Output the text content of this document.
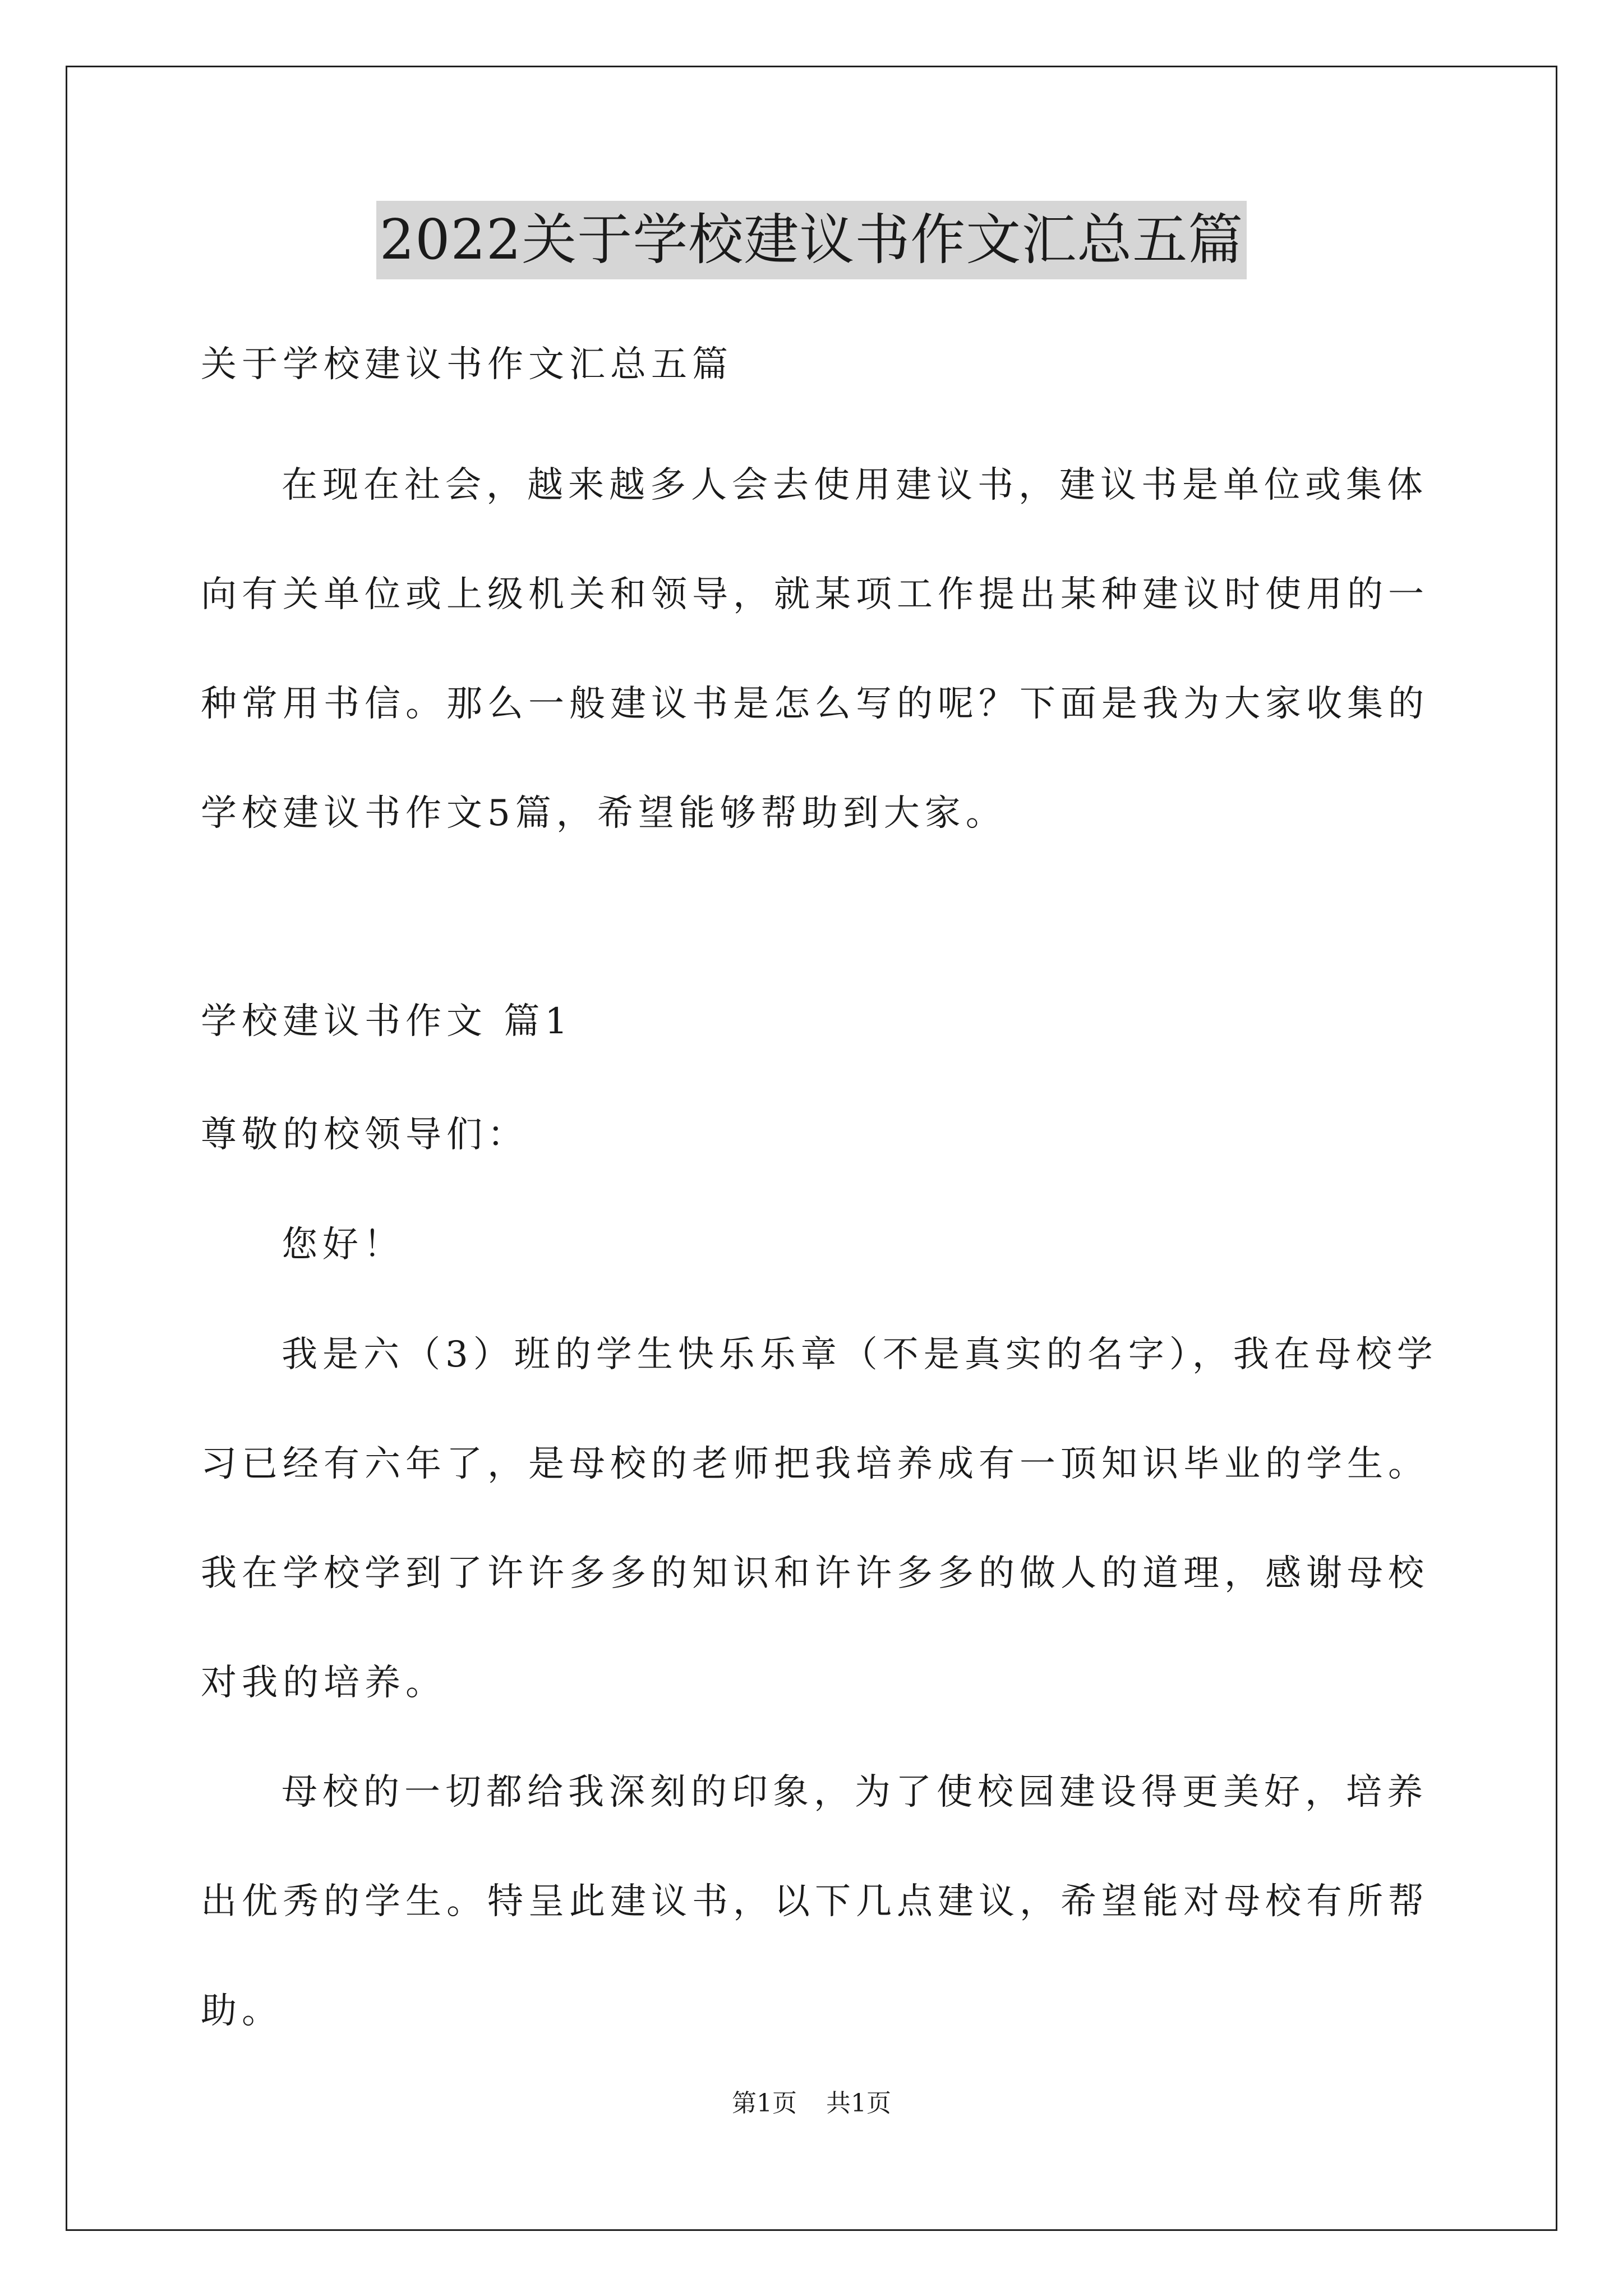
2022关于学校建议书作文汇总五篇
关于学校建议书作文汇总五篇
在现在社会，越来越多人会去使用建议书，建议书是单位或集体
向有关单位或上级机关和领导，就某项工作提出某种建议时使用的一
种常用书信。那么一般建议书是怎么写的呢？下面是我为大家收集的
学校建议书作文5篇，希望能够帮助到大家。
学校建议书作文 篇1
尊敬的校领导们：
您好！
我是六（3）班的学生快乐乐章（不是真实的名字），我在母校学
习已经有六年了，是母校的老师把我培养成有一顶知识毕业的学生。
我在学校学到了许许多多的知识和许许多多的做人的道理，感谢母校
对我的培养。
母校的一切都给我深刻的印象，为了使校园建设得更美好，培养
出优秀的学生。特呈此建议书，以下几点建议，希望能对母校有所帮
助。
第1页 共1页
